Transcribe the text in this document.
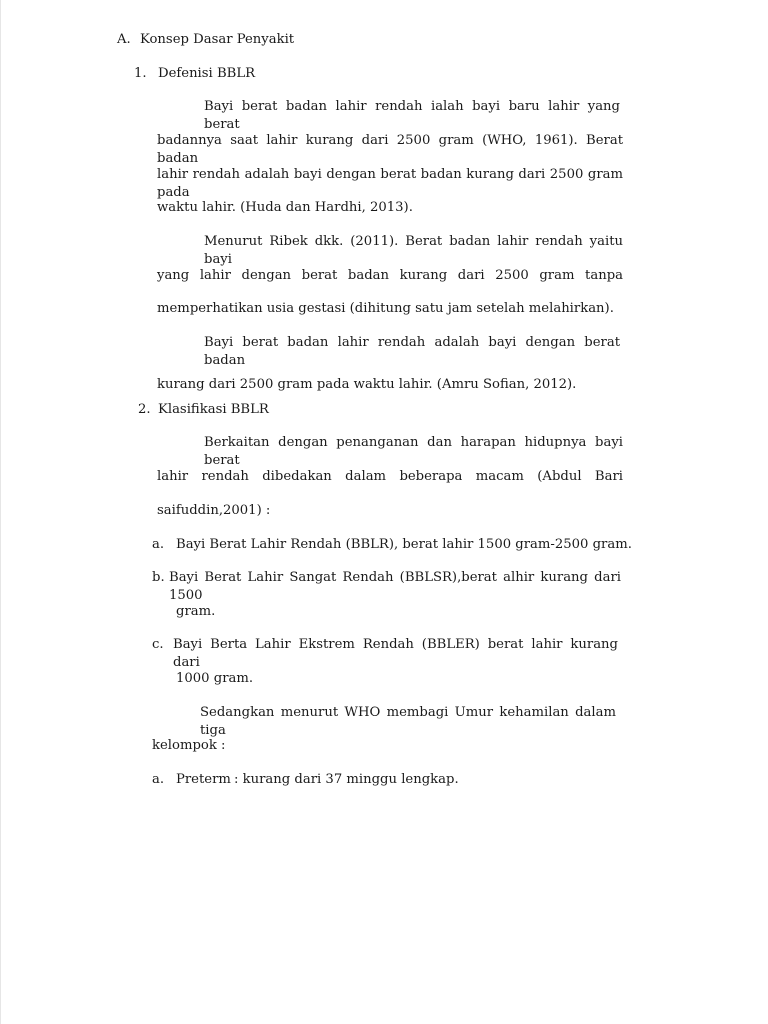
A. Konsep Dasar Penyakit
1. Defenisi BBLR
Bayi berat badan lahir rendah ialah bayi baru lahir yang berat
badannya saat lahir kurang dari 2500 gram (WHO, 1961). Berat badan
lahir rendah adalah bayi dengan berat badan kurang dari 2500 gram pada
waktu lahir. (Huda dan Hardhi, 2013).
Menurut Ribek dkk. (2011). Berat badan lahir rendah yaitu bayi
yang lahir dengan berat badan kurang dari 2500 gram tanpa
memperhatikan usia gestasi (dihitung satu jam setelah melahirkan).
Bayi berat badan lahir rendah adalah bayi dengan berat badan
kurang dari 2500 gram pada waktu lahir. (Amru Sofian, 2012).
2. Klasifikasi BBLR
Berkaitan dengan penanganan dan harapan hidupnya bayi berat
lahir rendah dibedakan dalam beberapa macam (Abdul Bari
saifuddin,2001) :
a. Bayi Berat Lahir Rendah (BBLR), berat lahir 1500 gram-2500 gram.
b. Bayi Berat Lahir Sangat Rendah (BBLSR),berat alhir kurang dari 1500
gram.
c. Bayi Berta Lahir Ekstrem Rendah (BBLER) berat lahir kurang dari
1000 gram.
Sedangkan menurut WHO membagi Umur kehamilan dalam tiga
kelompok :
a. Preterm : kurang dari 37 minggu lengkap.
